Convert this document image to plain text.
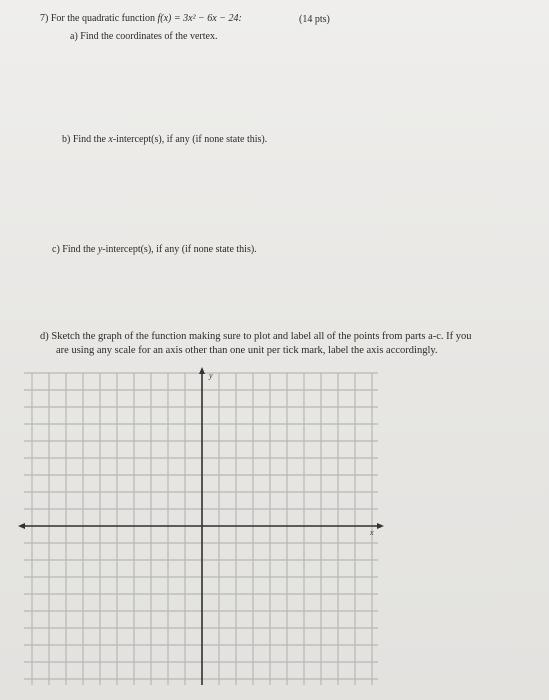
7) For the quadratic function f(x) = 3x² − 6x − 24:	(14 pts)
a) Find the coordinates of the vertex.
b) Find the x-intercept(s), if any (if none state this).
c) Find the y-intercept(s), if any (if none state this).
d) Sketch the graph of the function making sure to plot and label all of the points from parts a-c. If you
are using any scale for an axis other than one unit per tick mark, label the axis accordingly.
y
x
